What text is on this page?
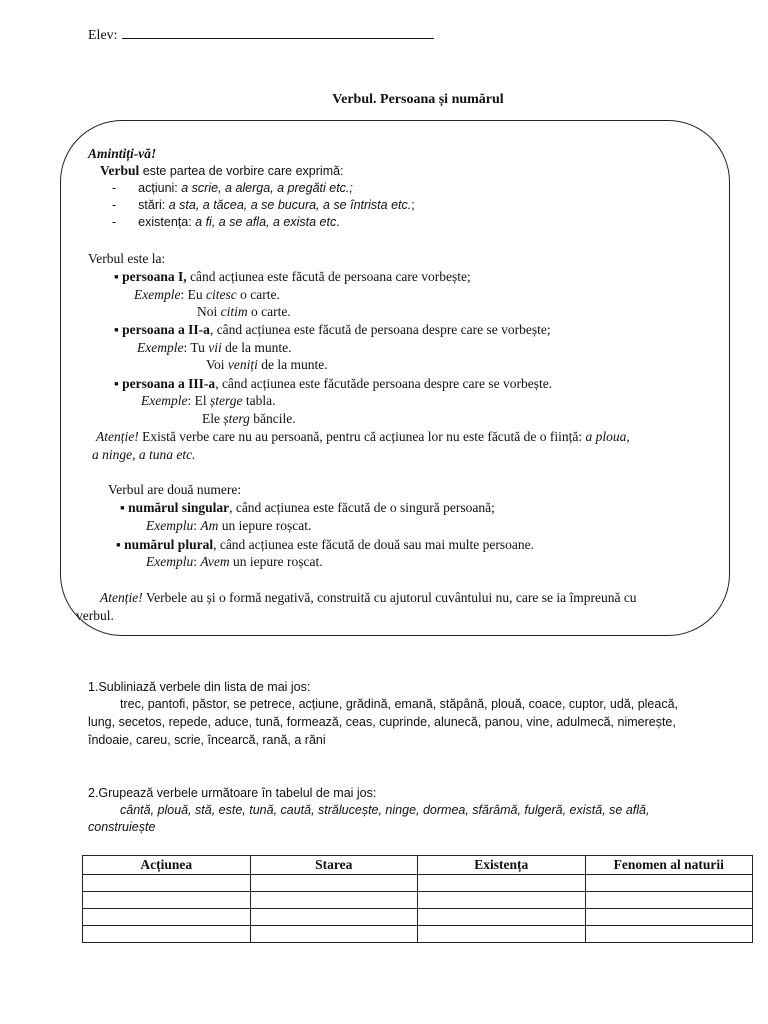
Elev:
Verbul. Persoana și numărul
Amintiți-vă!
Verbul este partea de vorbire care exprimă:
- acțiuni: a scrie, a alerga, a pregăti etc.;
- stări: a sta, a tăcea, a se bucura, a se întrista etc.;
- existența: a fi, a se afla, a exista etc.
Verbul este la:
▪ persoana I, când acțiunea este făcută de persoana care vorbește;
Exemple: Eu citesc o carte.
Noi citim o carte.
▪ persoana a II-a, când acțiunea este făcută de persoana despre care se vorbește;
Exemple: Tu vii de la munte.
Voi veniți de la munte.
▪ persoana a III-a, când acțiunea este făcutăde persoana despre care se vorbește.
Exemple: El șterge tabla.
Ele șterg băncile.
Atenție! Există verbe care nu au persoană, pentru că acțiunea lor nu este făcută de o ființă: a ploua,
a ninge, a tuna etc.
Verbul are două numere:
▪ numărul singular, când acțiunea este făcută de o singură persoană;
Exemplu: Am un iepure roșcat.
▪ numărul plural, când acțiunea este făcută de două sau mai multe persoane.
Exemplu: Avem un iepure roșcat.
Atenție! Verbele au și o formă negativă, construită cu ajutorul cuvântului nu, care se ia împreună cu
verbul.
1.Subliniază verbele din lista de mai jos:
trec, pantofi, păstor, se petrece, acțiune, grădină, emană, stăpână, plouă, coace, cuptor, udă, pleacă,
lung, secetos, repede, aduce, tună, formează, ceas, cuprinde, alunecă, panou, vine, adulmecă, nimerește,
îndoaie, careu, scrie, încearcă, rană, a răni
2.Grupează verbele următoare în tabelul de mai jos:
cântă, plouă, stă, este, tună, caută, strălucește, ninge, dormea, sfărâmă, fulgeră, există, se află,
construiește
Acțiunea	Starea	Existența	Fenomen al naturii
